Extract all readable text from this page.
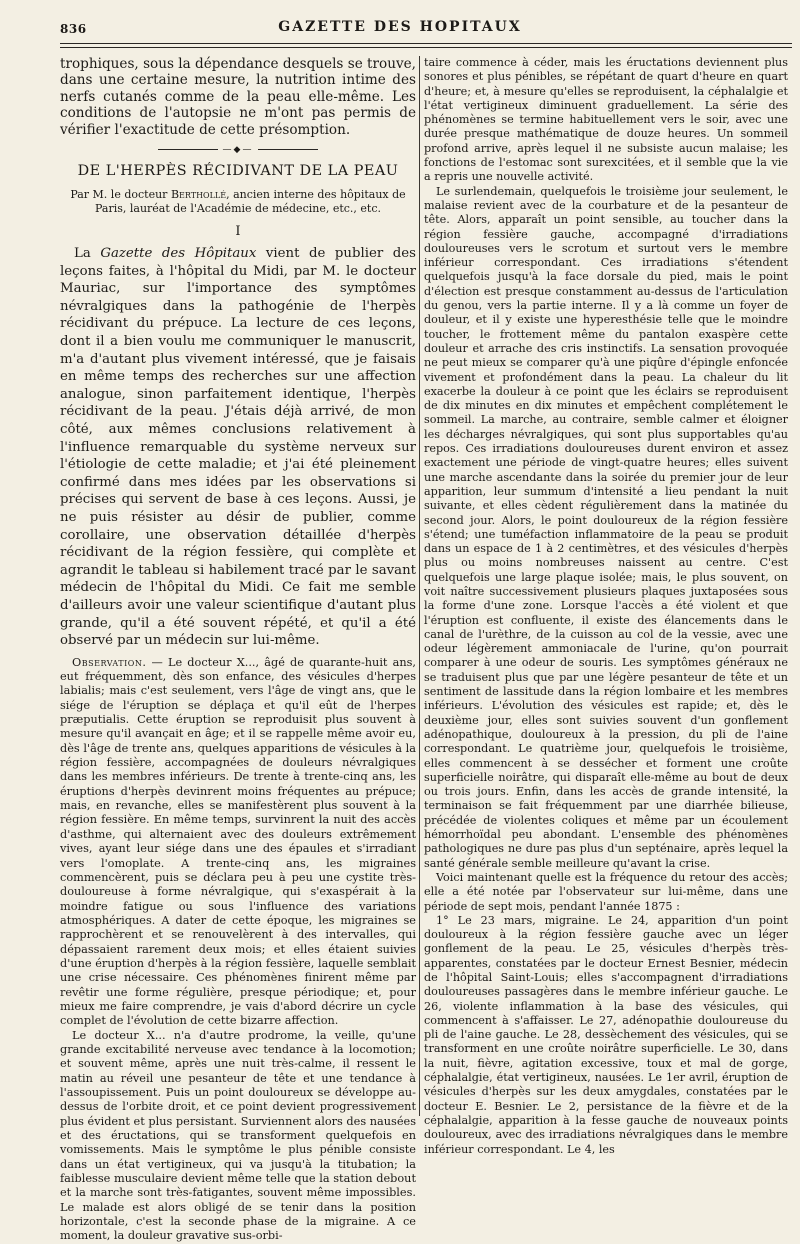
836	GAZETTE DES HOPITAUX

trophiques, sous la dépendance desquels se trouve, dans une certaine mesure, la nutrition intime des nerfs cutanés comme de la peau elle-même. Les conditions de l'autopsie ne m'ont pas permis de vérifier l'exactitude de cette présomption.

—◆—
DE L'HERPÈS RÉCIDIVANT DE LA PEAU
Par M. le docteur Berthollé, ancien interne des hôpitaux de Paris, lauréat de l'Académie de médecine, etc., etc.
I

La Gazette des Hôpitaux vient de publier des leçons faites, à l'hôpital du Midi, par M. le docteur Mauriac, sur l'importance des symptômes névralgiques dans la pathogénie de l'herpès récidivant du prépuce. La lecture de ces leçons, dont il a bien voulu me communiquer le manuscrit, m'a d'autant plus vivement intéressé, que je faisais en même temps des recherches sur une affection analogue, sinon parfaitement identique, l'herpès récidivant de la peau. J'étais déjà arrivé, de mon côté, aux mêmes conclusions relativement à l'influence remarquable du système nerveux sur l'étiologie de cette maladie; et j'ai été pleinement confirmé dans mes idées par les observations si précises qui servent de base à ces leçons. Aussi, je ne puis résister au désir de publier, comme corollaire, une observation détaillée d'herpès récidivant de la région fessière, qui complète et agrandit le tableau si habilement tracé par le savant médecin de l'hôpital du Midi. Ce fait me semble d'ailleurs avoir une valeur scientifique d'autant plus grande, qu'il a été souvent répété, et qu'il a été observé par un médecin sur lui-même.

Observation. — Le docteur X..., âgé de quarante-huit ans, eut fréquemment, dès son enfance, des vésicules d'herpes labialis; mais c'est seulement, vers l'âge de vingt ans, que le siége de l'éruption se déplaça et qu'il eût de l'herpes præputialis. Cette éruption se reproduisit plus souvent à mesure qu'il avançait en âge; et il se rappelle même avoir eu, dès l'âge de trente ans, quelques apparitions de vésicules à la région fessière, accompagnées de douleurs névralgiques dans les membres inférieurs. De trente à trente-cinq ans, les éruptions d'herpès devinrent moins fréquentes au prépuce; mais, en revanche, elles se manifestèrent plus souvent à la région fessière. En même temps, survinrent la nuit des accès d'asthme, qui alternaient avec des douleurs extrêmement vives, ayant leur siége dans une des épaules et s'irradiant vers l'omoplate. A trente-cinq ans, les migraines commencèrent, puis se déclara peu à peu une cystite très-douloureuse à forme névralgique, qui s'exaspérait à la moindre fatigue ou sous l'influence des variations atmosphériques. A dater de cette époque, les migraines se rapprochèrent et se renouvelèrent à des intervalles, qui dépassaient rarement deux mois; et elles étaient suivies d'une éruption d'herpès à la région fessière, laquelle semblait une crise nécessaire. Ces phénomènes finirent même par revêtir une forme régulière, presque périodique; et, pour mieux me faire comprendre, je vais d'abord décrire un cycle complet de l'évolution de cette bizarre affection.

Le docteur X... n'a d'autre prodrome, la veille, qu'une grande excitabilité nerveuse avec tendance à la locomotion; et souvent même, après une nuit très-calme, il ressent le matin au réveil une pesanteur de tête et une tendance à l'assoupissement. Puis un point douloureux se développe au-dessus de l'orbite droit, et ce point devient progressivement plus évident et plus persistant. Surviennent alors des nausées et des éructations, qui se transforment quelquefois en vomissements. Mais le symptôme le plus pénible consiste dans un état vertigineux, qui va jusqu'à la titubation; la faiblesse musculaire devient même telle que la station debout et la marche sont très-fatigantes, souvent même impossibles. Le malade est alors obligé de se tenir dans la position horizontale, c'est la seconde phase de la migraine. A ce moment, la douleur gravative sus-orbi-

taire commence à céder, mais les éructations deviennent plus sonores et plus pénibles, se répétant de quart d'heure en quart d'heure; et, à mesure qu'elles se reproduisent, la céphalalgie et l'état vertigineux diminuent graduellement. La série des phénomènes se termine habituellement vers le soir, avec une durée presque mathématique de douze heures. Un sommeil profond arrive, après lequel il ne subsiste aucun malaise; les fonctions de l'estomac sont surexcitées, et il semble que la vie a repris une nouvelle activité.

Le surlendemain, quelquefois le troisième jour seulement, le malaise revient avec de la courbature et de la pesanteur de tête. Alors, apparaît un point sensible, au toucher dans la région fessière gauche, accompagné d'irradiations douloureuses vers le scrotum et surtout vers le membre inférieur correspondant. Ces irradiations s'étendent quelquefois jusqu'à la face dorsale du pied, mais le point d'élection est presque constamment au-dessus de l'articulation du genou, vers la partie interne. Il y a là comme un foyer de douleur, et il y existe une hyperesthésie telle que le moindre toucher, le frottement même du pantalon exaspère cette douleur et arrache des cris instinctifs. La sensation provoquée ne peut mieux se comparer qu'à une piqûre d'épingle enfoncée vivement et profondément dans la peau. La chaleur du lit exacerbe la douleur à ce point que les éclairs se reproduisent de dix minutes en dix minutes et empêchent complétement le sommeil. La marche, au contraire, semble calmer et éloigner les décharges névralgiques, qui sont plus supportables qu'au repos. Ces irradiations douloureuses durent environ et assez exactement une période de vingt-quatre heures; elles suivent une marche ascendante dans la soirée du premier jour de leur apparition, leur summum d'intensité a lieu pendant la nuit suivante, et elles cèdent régulièrement dans la matinée du second jour. Alors, le point douloureux de la région fessière s'étend; une tuméfaction inflammatoire de la peau se produit dans un espace de 1 à 2 centimètres, et des vésicules d'herpès plus ou moins nombreuses naissent au centre. C'est quelquefois une large plaque isolée; mais, le plus souvent, on voit naître successivement plusieurs plaques juxtaposées sous la forme d'une zone. Lorsque l'accès a été violent et que l'éruption est confluente, il existe des élancements dans le canal de l'urèthre, de la cuisson au col de la vessie, avec une odeur légèrement ammoniacale de l'urine, qu'on pourrait comparer à une odeur de souris. Les symptômes généraux ne se traduisent plus que par une légère pesanteur de tête et un sentiment de lassitude dans la région lombaire et les membres inférieurs. L'évolution des vésicules est rapide; et, dès le deuxième jour, elles sont suivies souvent d'un gonflement adénopathique, douloureux à la pression, du pli de l'aine correspondant. Le quatrième jour, quelquefois le troisième, elles commencent à se dessécher et forment une croûte superficielle noirâtre, qui disparaît elle-même au bout de deux ou trois jours. Enfin, dans les accès de grande intensité, la terminaison se fait fréquemment par une diarrhée bilieuse, précédée de violentes coliques et même par un écoulement hémorrhoïdal peu abondant. L'ensemble des phénomènes pathologiques ne dure pas plus d'un septénaire, après lequel la santé générale semble meilleure qu'avant la crise.

Voici maintenant quelle est la fréquence du retour des accès; elle a été notée par l'observateur sur lui-même, dans une période de sept mois, pendant l'année 1875 :

1° Le 23 mars, migraine. Le 24, apparition d'un point douloureux à la région fessière gauche avec un léger gonflement de la peau. Le 25, vésicules d'herpès très-apparentes, constatées par le docteur Ernest Besnier, médecin de l'hôpital Saint-Louis; elles s'accompagnent d'irradiations douloureuses passagères dans le membre inférieur gauche. Le 26, violente inflammation à la base des vésicules, qui commencent à s'affaisser. Le 27, adénopathie douloureuse du pli de l'aine gauche. Le 28, dessèchement des vésicules, qui se transforment en une croûte noirâtre superficielle. Le 30, dans la nuit, fièvre, agitation excessive, toux et mal de gorge, céphalalgie, état vertigineux, nausées. Le 1er avril, éruption de vésicules d'herpès sur les deux amygdales, constatées par le docteur E. Besnier. Le 2, persistance de la fièvre et de la céphalalgie, apparition à la fesse gauche de nouveaux points douloureux, avec des irradiations névralgiques dans le membre inférieur correspondant. Le 4, les
